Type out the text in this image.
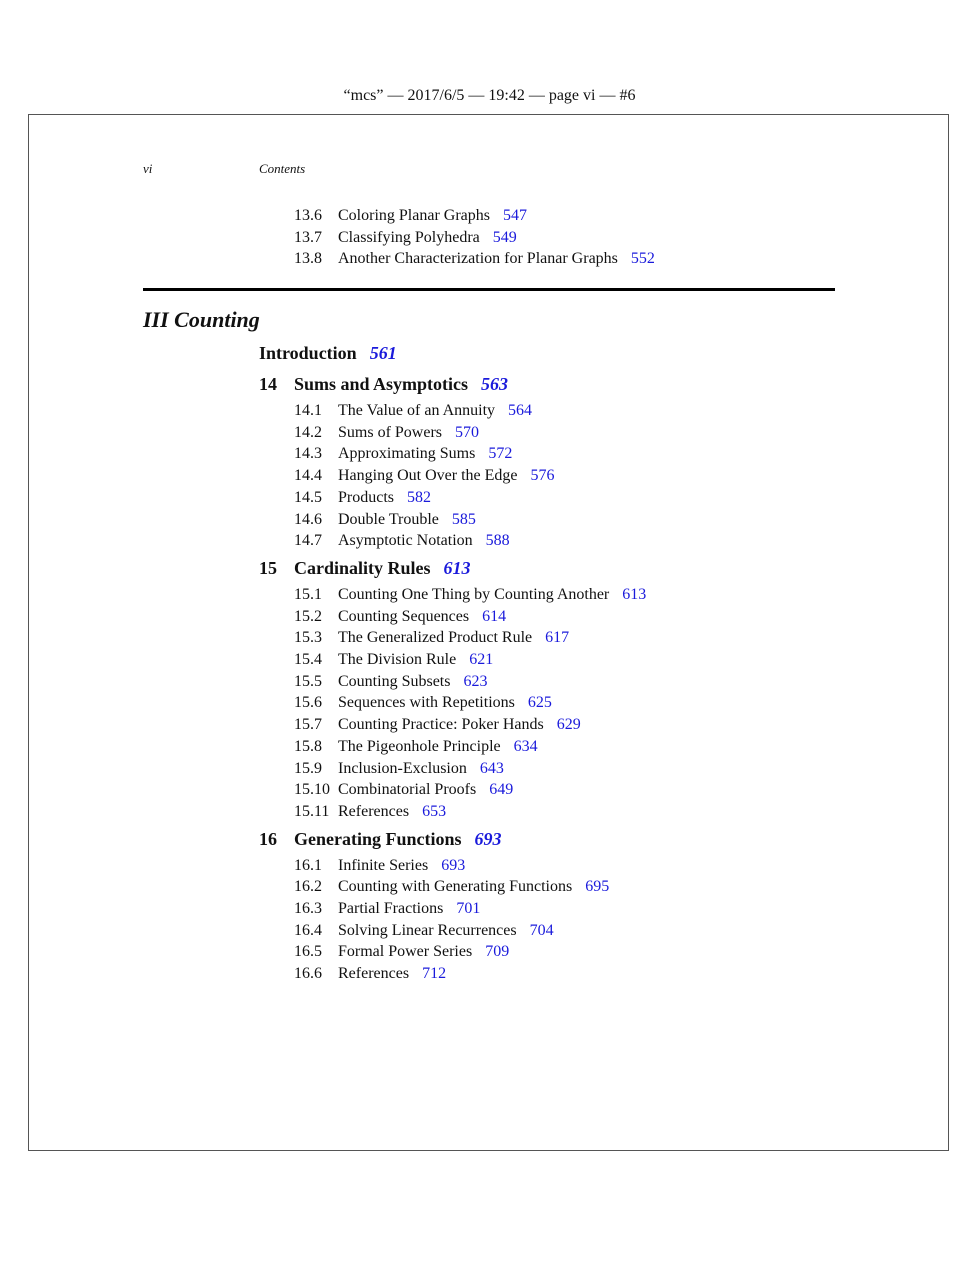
“mcs” — 2017/6/5 — 19:42 — page vi — #6
vi	Contents
III Counting
13.6 Coloring Planar Graphs 547
13.7 Classifying Polyhedra 549
13.8 Another Characterization for Planar Graphs 552
Introduction 561
14 Sums and Asymptotics 563
14.1 The Value of an Annuity 564
14.2 Sums of Powers 570
14.3 Approximating Sums 572
14.4 Hanging Out Over the Edge 576
14.5 Products 582
14.6 Double Trouble 585
14.7 Asymptotic Notation 588
15 Cardinality Rules 613
15.1 Counting One Thing by Counting Another 613
15.2 Counting Sequences 614
15.3 The Generalized Product Rule 617
15.4 The Division Rule 621
15.5 Counting Subsets 623
15.6 Sequences with Repetitions 625
15.7 Counting Practice: Poker Hands 629
15.8 The Pigeonhole Principle 634
15.9 Inclusion-Exclusion 643
15.10 Combinatorial Proofs 649
15.11 References 653
16 Generating Functions 693
16.1 Infinite Series 693
16.2 Counting with Generating Functions 695
16.3 Partial Fractions 701
16.4 Solving Linear Recurrences 704
16.5 Formal Power Series 709
16.6 References 712
